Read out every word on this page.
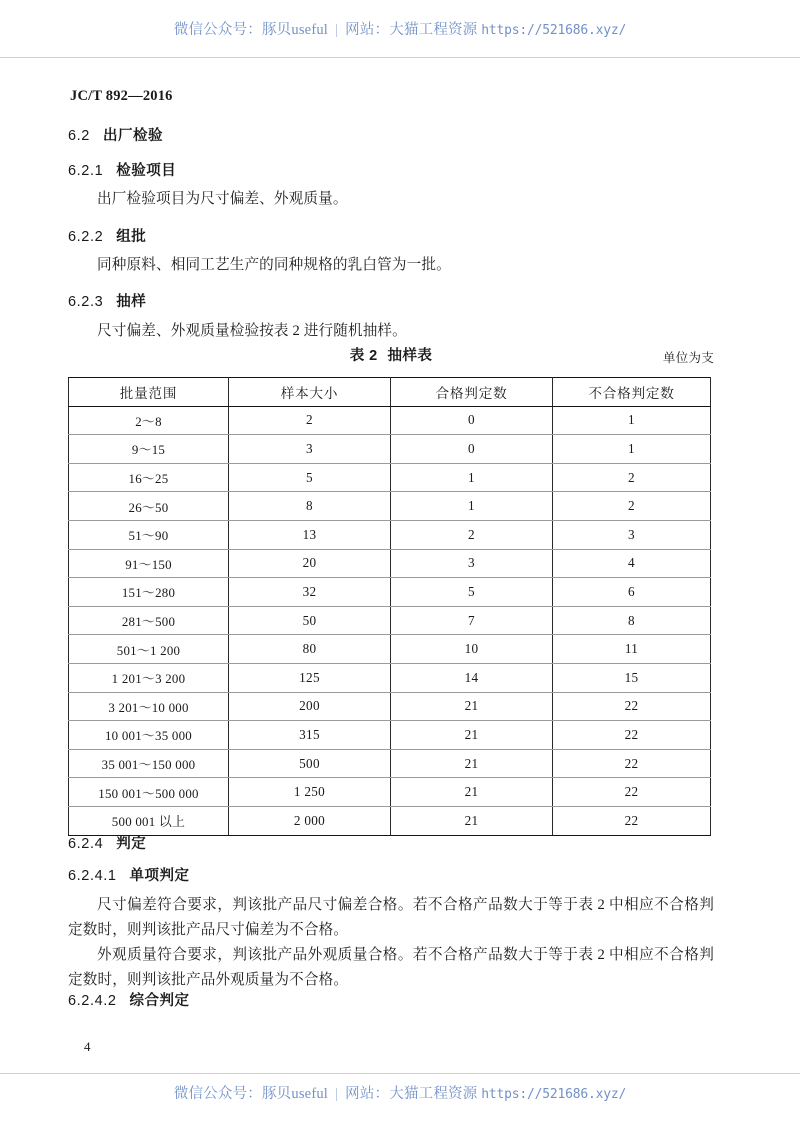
微信公众号：豚贝useful | 网站：大猫工程资源 https://521686.xyz/
JC/T 892—2016
6.2 出厂检验
6.2.1 检验项目
出厂检验项目为尺寸偏差、外观质量。
6.2.2 组批
同种原料、相同工艺生产的同种规格的乳白管为一批。
6.2.3 抽样
尺寸偏差、外观质量检验按表 2 进行随机抽样。
表 2 抽样表	单位为支
批量范围	样本大小	合格判定数	不合格判定数
2～8	2	0	1
9～15	3	0	1
16～25	5	1	2
26～50	8	1	2
51～90	13	2	3
91～150	20	3	4
151～280	32	5	6
281～500	50	7	8
501～1 200	80	10	11
1 201～3 200	125	14	15
3 201～10 000	200	21	22
10 001～35 000	315	21	22
35 001～150 000	500	21	22
150 001～500 000	1 250	21	22
500 001 以上	2 000	21	22
6.2.4 判定
6.2.4.1 单项判定
尺寸偏差符合要求，判该批产品尺寸偏差合格。若不合格产品数大于等于表 2 中相应不合格判定数时，则判该批产品尺寸偏差为不合格。
外观质量符合要求，判该批产品外观质量合格。若不合格产品数大于等于表 2 中相应不合格判定数时，则判该批产品外观质量为不合格。
6.2.4.2 综合判定
4
微信公众号：豚贝useful | 网站：大猫工程资源 https://521686.xyz/
